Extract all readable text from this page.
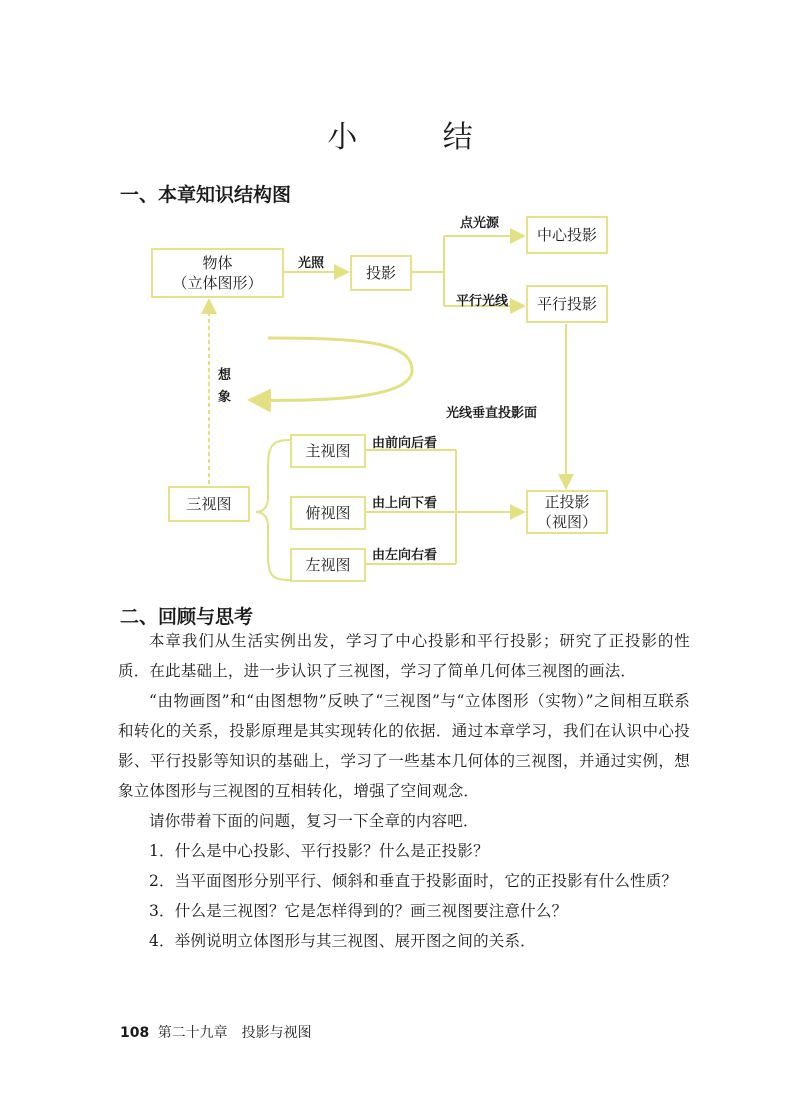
小 结
一、本章知识结构图
物体
（立体图形）
光照
投影
点光源
中心投影
平行光线	平行投影
想
象
光线垂直投影面
三视图
主视图	由前向后看
俯视图
由上向下看
左视图
由左向右看
正投影
（视图）
二、回顾与思考

本章我们从生活实例出发，学习了中心投影和平行投影；研究了正投影的性质．在此基础上，进一步认识了三视图，学习了简单几何体三视图的画法．

“由物画图”和“由图想物”反映了“三视图”与“立体图形（实物）”之间相互联系和转化的关系，投影原理是其实现转化的依据．通过本章学习，我们在认识中心投影、平行投影等知识的基础上，学习了一些基本几何体的三视图，并通过实例，想象立体图形与三视图的互相转化，增强了空间观念．

请你带着下面的问题，复习一下全章的内容吧．

1．什么是中心投影、平行投影？什么是正投影？

2．当平面图形分别平行、倾斜和垂直于投影面时，它的正投影有什么性质？

3．什么是三视图？它是怎样得到的？画三视图要注意什么？

4．举例说明立体图形与其三视图、展开图之间的关系．

108 第二十九章　投影与视图
